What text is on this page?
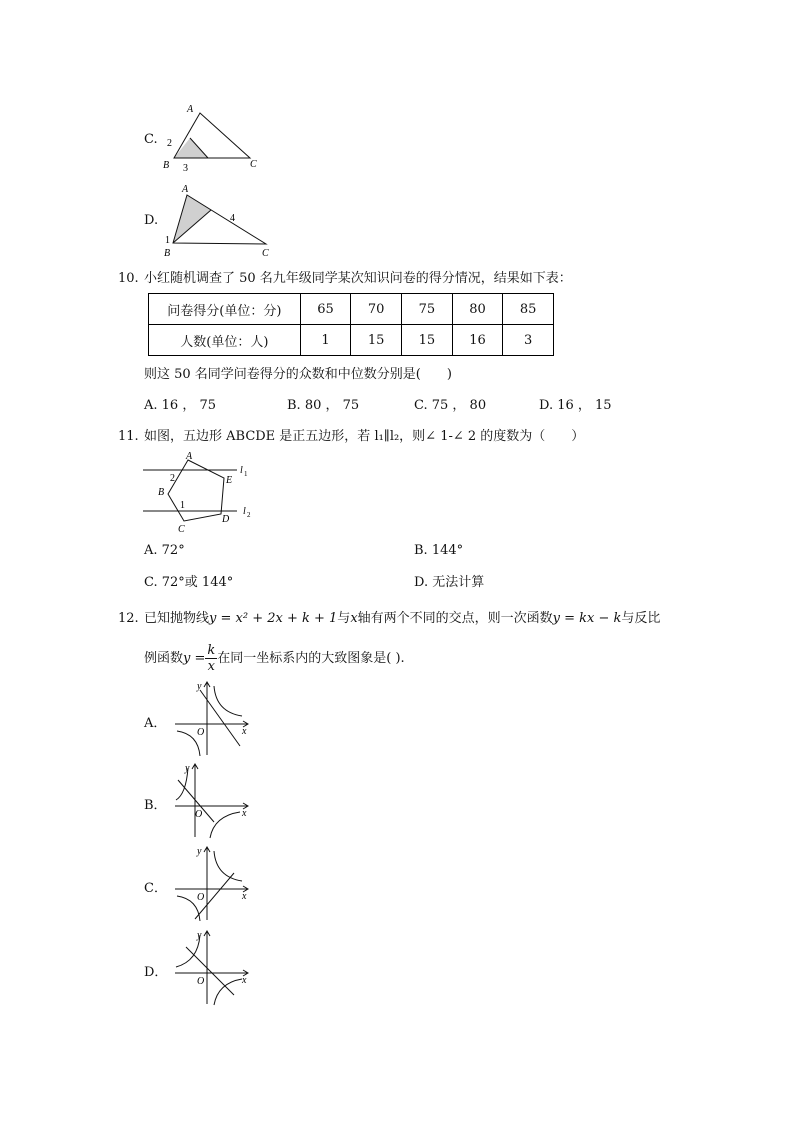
C.
A
B	C
2
3
D.
A
B	C
1
4
10. 小红随机调查了 50 名九年级同学某次知识问卷的得分情况，结果如下表：
问卷得分(单位：分)	65	70	75	80	85
人数(单位：人)	1	15	15	16	3
则这 50 名同学问卷得分的众数和中位数分别是(　　)
A. 16 ， 75	B. 80 ， 75	C. 75 ， 80	D. 16 ， 15
11. 如图，五边形 ABCDE 是正五边形，若 l₁∥l₂，则∠ 1-∠ 2 的度数为（　　）
A
B
C
D
E
2
1
l 1
l 2
A. 72°	B. 144°
C. 72°或 144°	D. 无法计算
12. 已知抛物线y = x² + 2x + k + 1与x轴有两个不同的交点，则一次函数y = kx − k与反比
例函数$y = \frac{k}{x}$ 在同一坐标系内的大致图象是( ).
A．
y
x
O
B．
y
x
O
C．
y
x
O
D．
y
x
O
